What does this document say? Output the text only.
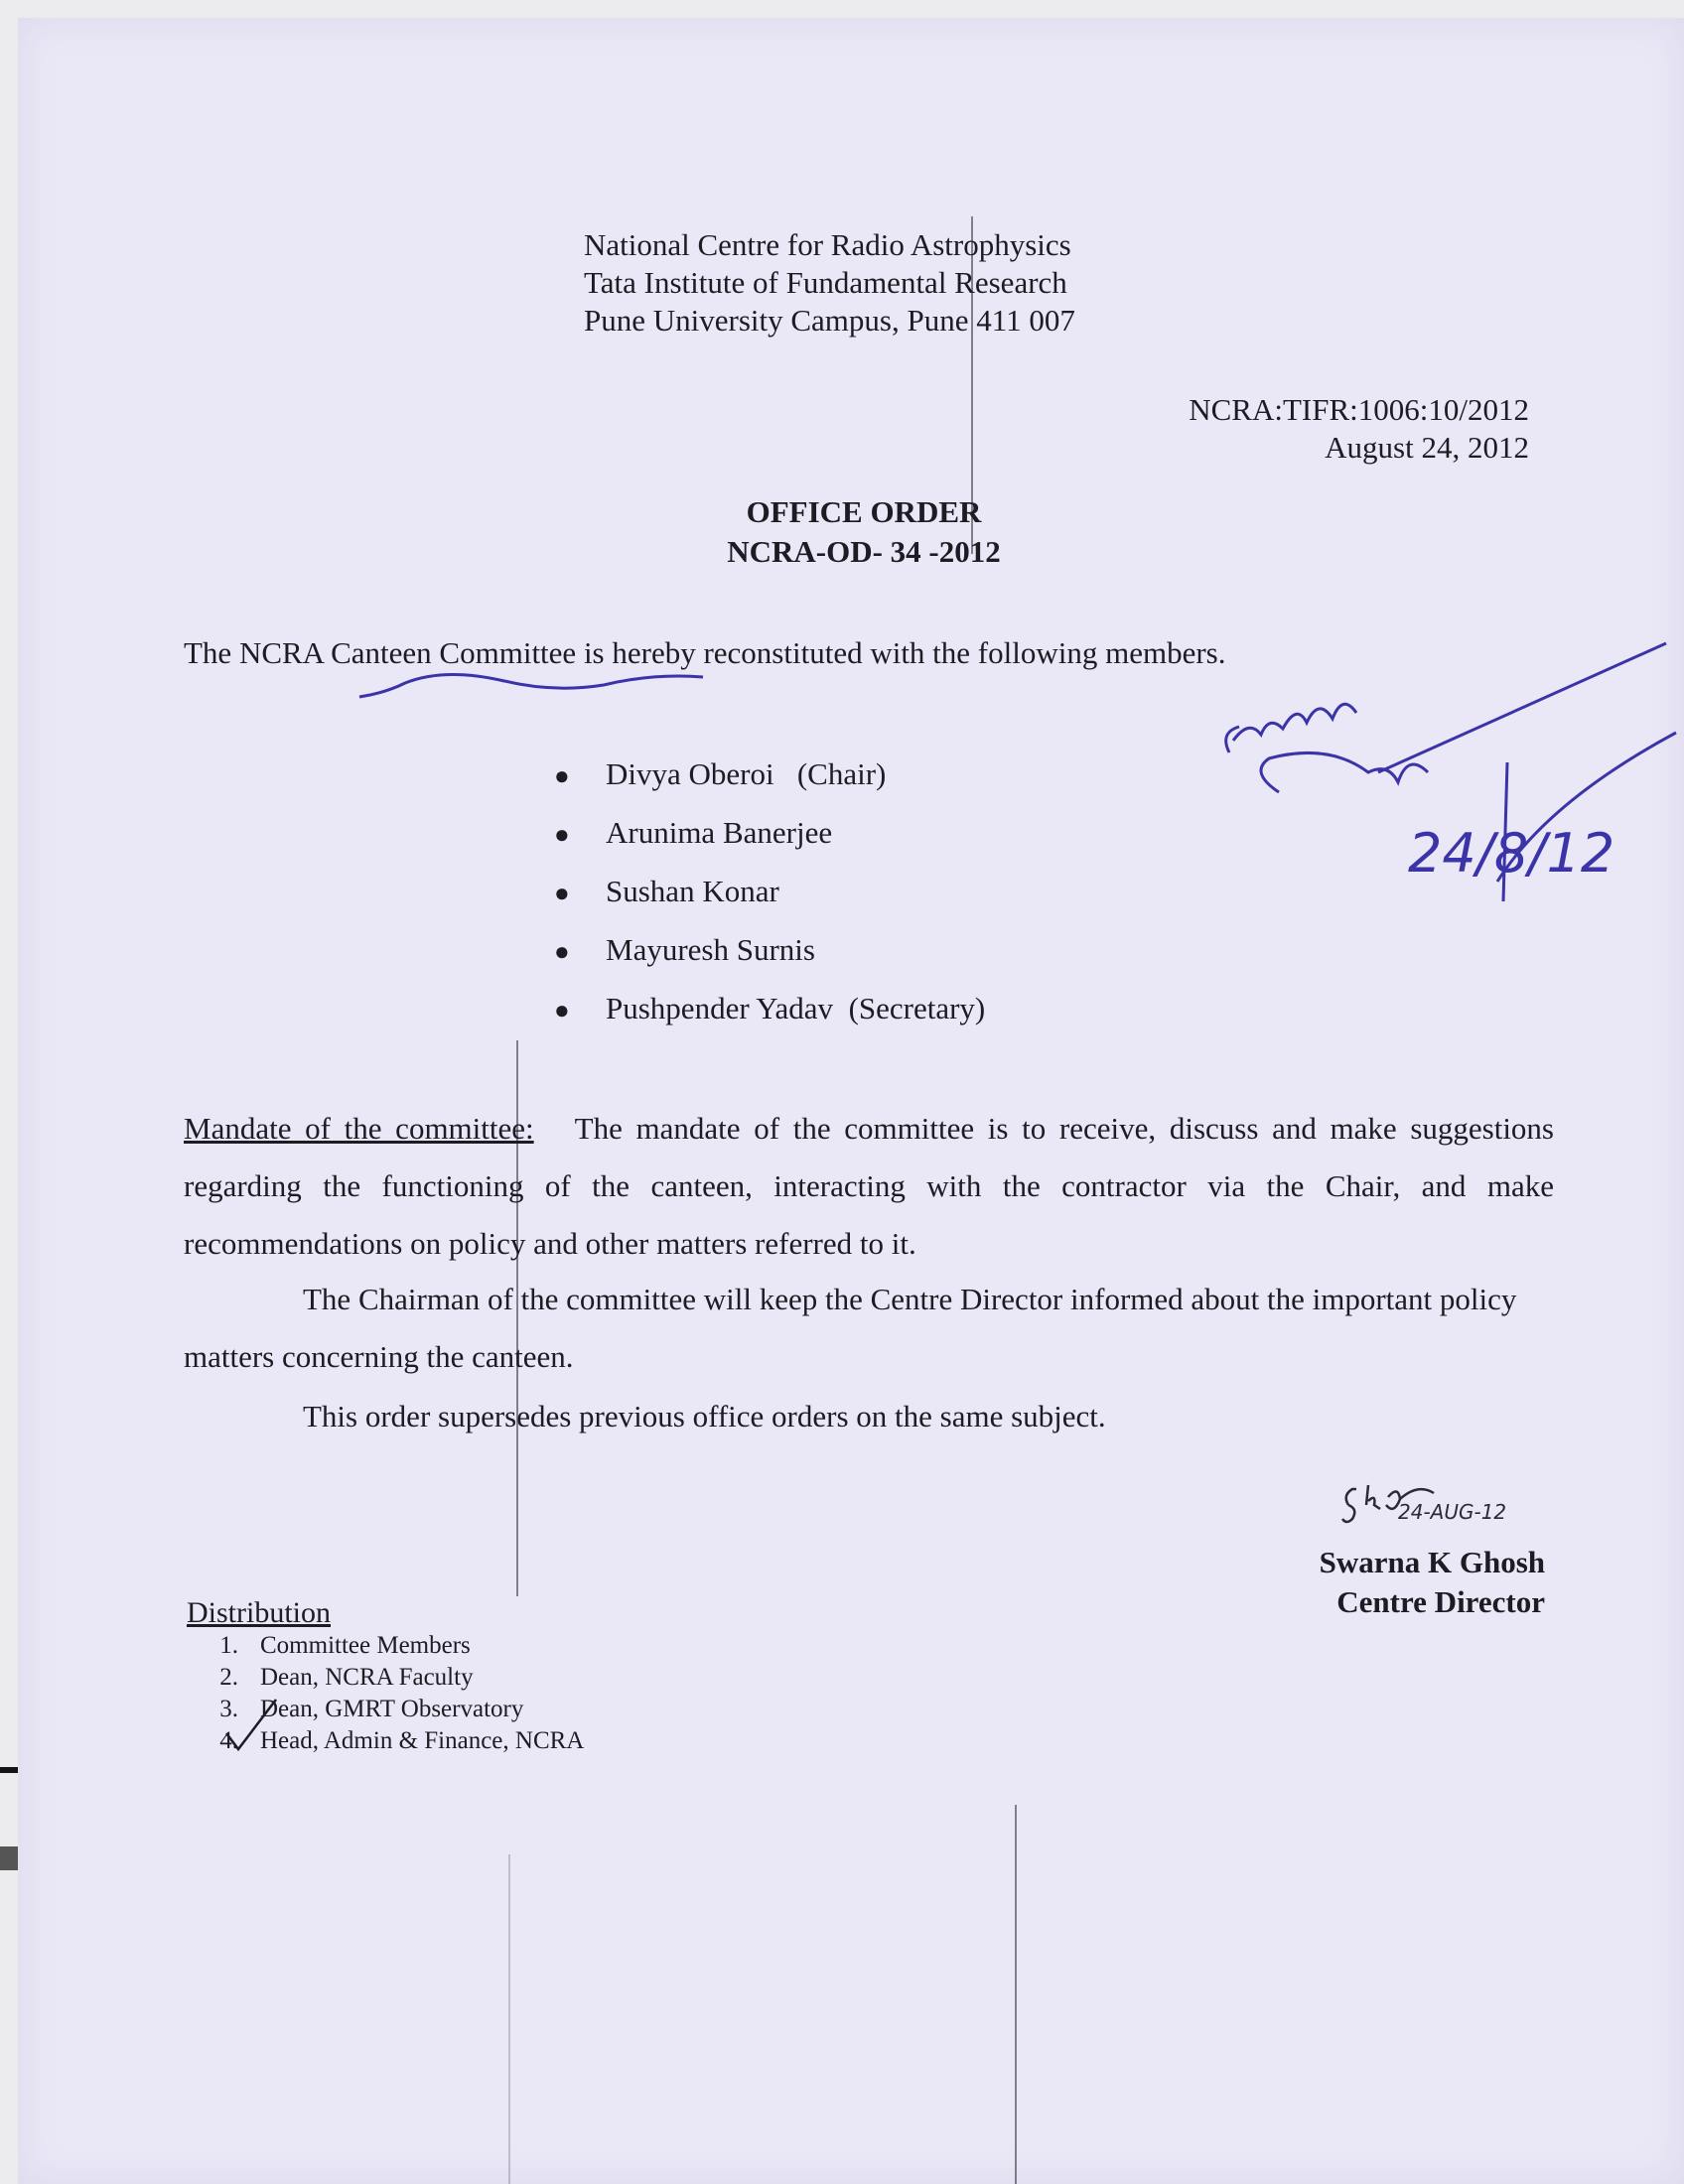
National Centre for Radio Astrophysics
Tata Institute of Fundamental Research
Pune University Campus, Pune 411 007
NCRA:TIFR:1006:10/2012
August 24, 2012
OFFICE ORDER
NCRA-OD- 34 -2012
The NCRA Canteen Committee is hereby reconstituted with the following members.
● Divya Oberoi (Chair)
● Arunima Banerjee
● Sushan Konar
● Mayuresh Surnis
● Pushpender Yadav (Secretary)
Mandate of the committee: The mandate of the committee is to receive, discuss and make suggestions regarding the functioning of the canteen, interacting with the contractor via the Chair, and make recommendations on policy and other matters referred to it.
The Chairman of the committee will keep the Centre Director informed about the important policy matters concerning the canteen.
This order supersedes previous office orders on the same subject.
24-AUG-12
Swarna K Ghosh
Centre Director
Distribution
1. Committee Members
2. Dean, NCRA Faculty
3. Dean, GMRT Observatory
4. Head, Admin & Finance, NCRA
24/8/12
